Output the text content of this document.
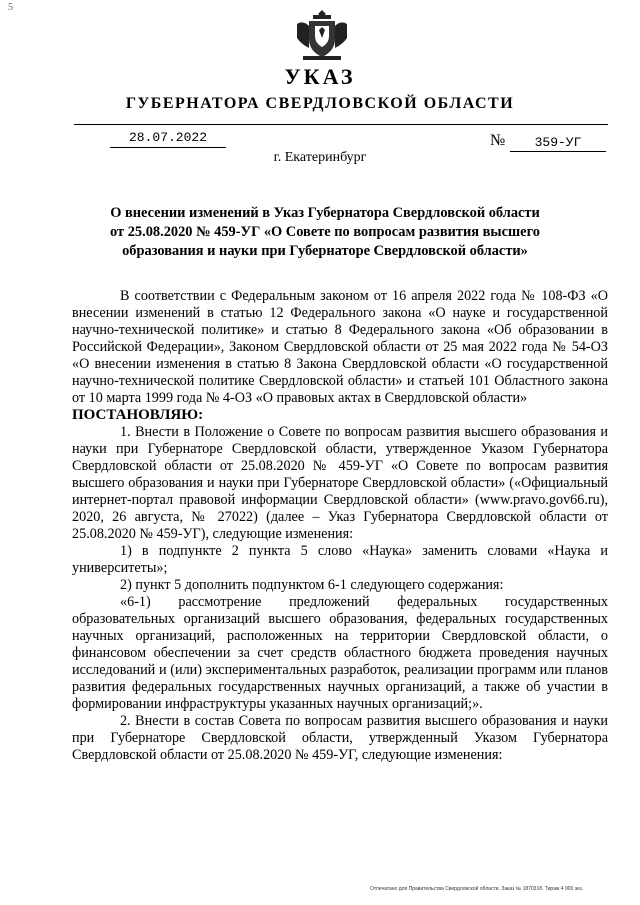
5
УКАЗ
ГУБЕРНАТОРА СВЕРДЛОВСКОЙ ОБЛАСТИ
28.07.2022	№	359-УГ
г. Екатеринбург
О внесении изменений в Указ Губернатора Свердловской области
от 25.08.2020 № 459-УГ «О Совете по вопросам развития высшего
образования и науки при Губернаторе Свердловской области»

В соответствии с Федеральным законом от 16 апреля 2022 года № 108-ФЗ «О внесении изменений в статью 12 Федерального закона «О науке и государственной научно-технической политике» и статью 8 Федерального закона «Об образовании в Российской Федерации», Законом Свердловской области от 25 мая 2022 года № 54-ОЗ «О внесении изменения в статью 8 Закона Свердловской области «О государственной научно-технической политике Свердловской области» и статьей 101 Областного закона от 10 марта 1999 года № 4-ОЗ «О правовых актах в Свердловской области»

ПОСТАНОВЛЯЮ:

1. Внести в Положение о Совете по вопросам развития высшего образования и науки при Губернаторе Свердловской области, утвержденное Указом Губернатора Свердловской области от 25.08.2020 № 459-УГ «О Совете по вопросам развития высшего образования и науки при Губернаторе Свердловской области» («Официальный интернет-портал правовой информации Свердловской области» (www.pravo.gov66.ru), 2020, 26 августа, № 27022) (далее – Указ Губернатора Свердловской области от 25.08.2020 № 459-УГ), следующие изменения:

1) в подпункте 2 пункта 5 слово «Наука» заменить словами «Наука и университеты»;

2) пункт 5 дополнить подпунктом 6-1 следующего содержания:

«6-1) рассмотрение предложений федеральных государственных образовательных организаций высшего образования, федеральных государственных научных организаций, расположенных на территории Свердловской области, о финансовом обеспечении за счет средств областного бюджета проведения научных исследований и (или) экспериментальных разработок, реализации программ или планов развития федеральных государственных научных организаций, а также об участии в формировании инфраструктуры указанных научных организаций;».

2. Внести в состав Совета по вопросам развития высшего образования и науки при Губернаторе Свердловской области, утвержденный Указом Губернатора Свердловской области от 25.08.2020 № 459-УГ, следующие изменения:

Отпечатано для Правительства Свердловской области. Заказ № 1870318. Тираж 4 000 экз.
